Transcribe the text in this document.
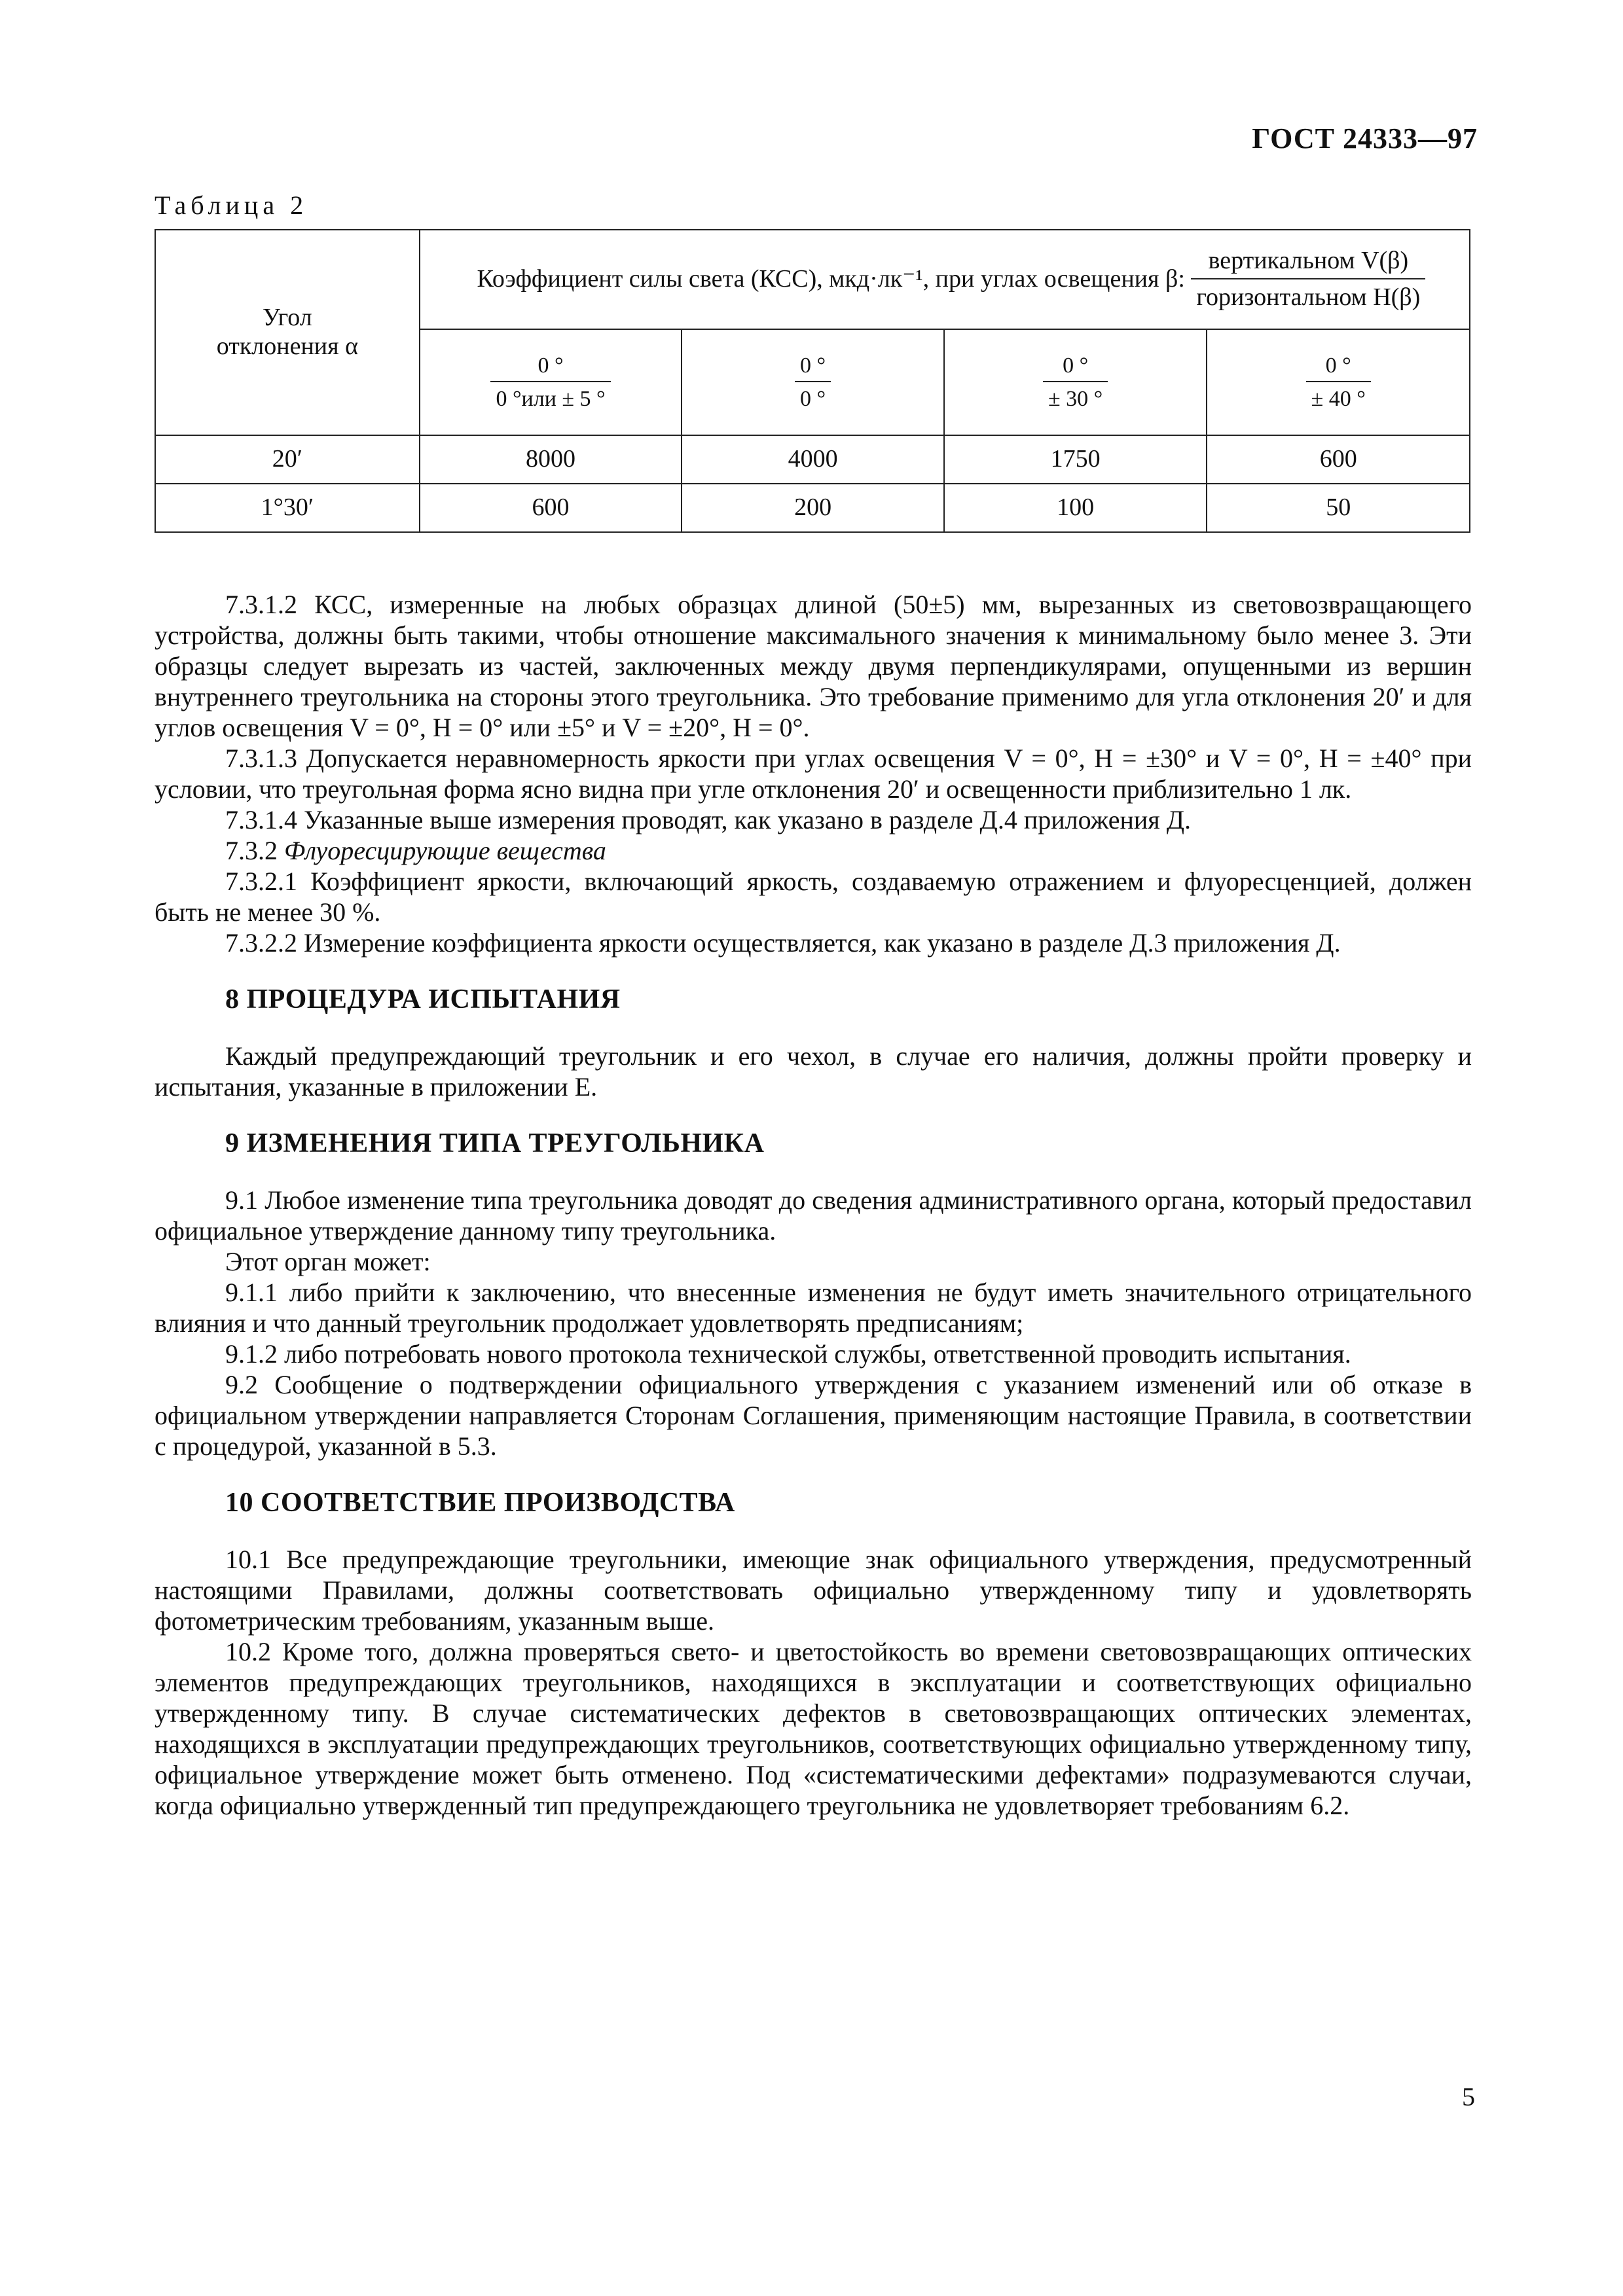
ГОСТ 24333—97
Таблица 2
Угол отклонения α	Коэффициент силы света (КСС), мкд·лк⁻¹, при углах освещения β: $\frac{\text{вертикальном V(β)}}{\text{горизонтальном H(β)}}$

	$\frac{0 ^\circ}{\text{0 °или ± 5 °}}$	$\frac{0 ^\circ}{0 ^\circ}$	$\frac{0 ^\circ}{\pm 30 ^\circ}$	$\frac{0 ^\circ}{\pm 40 ^\circ}$

20′	8000	4000	1750	600
1°30′	600	200	100	50

7.3.1.2 КСС, измеренные на любых образцах длиной (50±5) мм, вырезанных из световозвращающего устройства, должны быть такими, чтобы отношение максимального значения к минимальному было менее 3. Эти образцы следует вырезать из частей, заключенных между двумя перпендикулярами, опущенными из вершин внутреннего треугольника на стороны этого треугольника. Это требование применимо для угла отклонения 20′ и для углов освещения V = 0°, H = 0° или ±5° и V = ±20°, H = 0°.

7.3.1.3 Допускается неравномерность яркости при углах освещения V = 0°, H = ±30° и V = 0°, H = ±40° при условии, что треугольная форма ясно видна при угле отклонения 20′ и освещенности приблизительно 1 лк.

7.3.1.4 Указанные выше измерения проводят, как указано в разделе Д.4 приложения Д.

7.3.2 Флуоресцирующие вещества

7.3.2.1 Коэффициент яркости, включающий яркость, создаваемую отражением и флуоресценцией, должен быть не менее 30 %.

7.3.2.2 Измерение коэффициента яркости осуществляется, как указано в разделе Д.3 приложения Д.

8 ПРОЦЕДУРА ИСПЫТАНИЯ

Каждый предупреждающий треугольник и его чехол, в случае его наличия, должны пройти проверку и испытания, указанные в приложении Е.

9 ИЗМЕНЕНИЯ ТИПА ТРЕУГОЛЬНИКА

9.1 Любое изменение типа треугольника доводят до сведения административного органа, который предоставил официальное утверждение данному типу треугольника.

Этот орган может:

9.1.1 либо прийти к заключению, что внесенные изменения не будут иметь значительного отрицательного влияния и что данный треугольник продолжает удовлетворять предписаниям;

9.1.2 либо потребовать нового протокола технической службы, ответственной проводить испытания.

9.2 Сообщение о подтверждении официального утверждения с указанием изменений или об отказе в официальном утверждении направляется Сторонам Соглашения, применяющим настоящие Правила, в соответствии с процедурой, указанной в 5.3.

10 СООТВЕТСТВИЕ ПРОИЗВОДСТВА

10.1 Все предупреждающие треугольники, имеющие знак официального утверждения, предусмотренный настоящими Правилами, должны соответствовать официально утвержденному типу и удовлетворять фотометрическим требованиям, указанным выше.

10.2 Кроме того, должна проверяться свето- и цветостойкость во времени световозвращающих оптических элементов предупреждающих треугольников, находящихся в эксплуатации и соответствующих официально утвержденному типу. В случае систематических дефектов в световозвращающих оптических элементах, находящихся в эксплуатации предупреждающих треугольников, соответствующих официально утвержденному типу, официальное утверждение может быть отменено. Под «систематическими дефектами» подразумеваются случаи, когда официально утвержденный тип предупреждающего треугольника не удовлетворяет требованиям 6.2.

5
